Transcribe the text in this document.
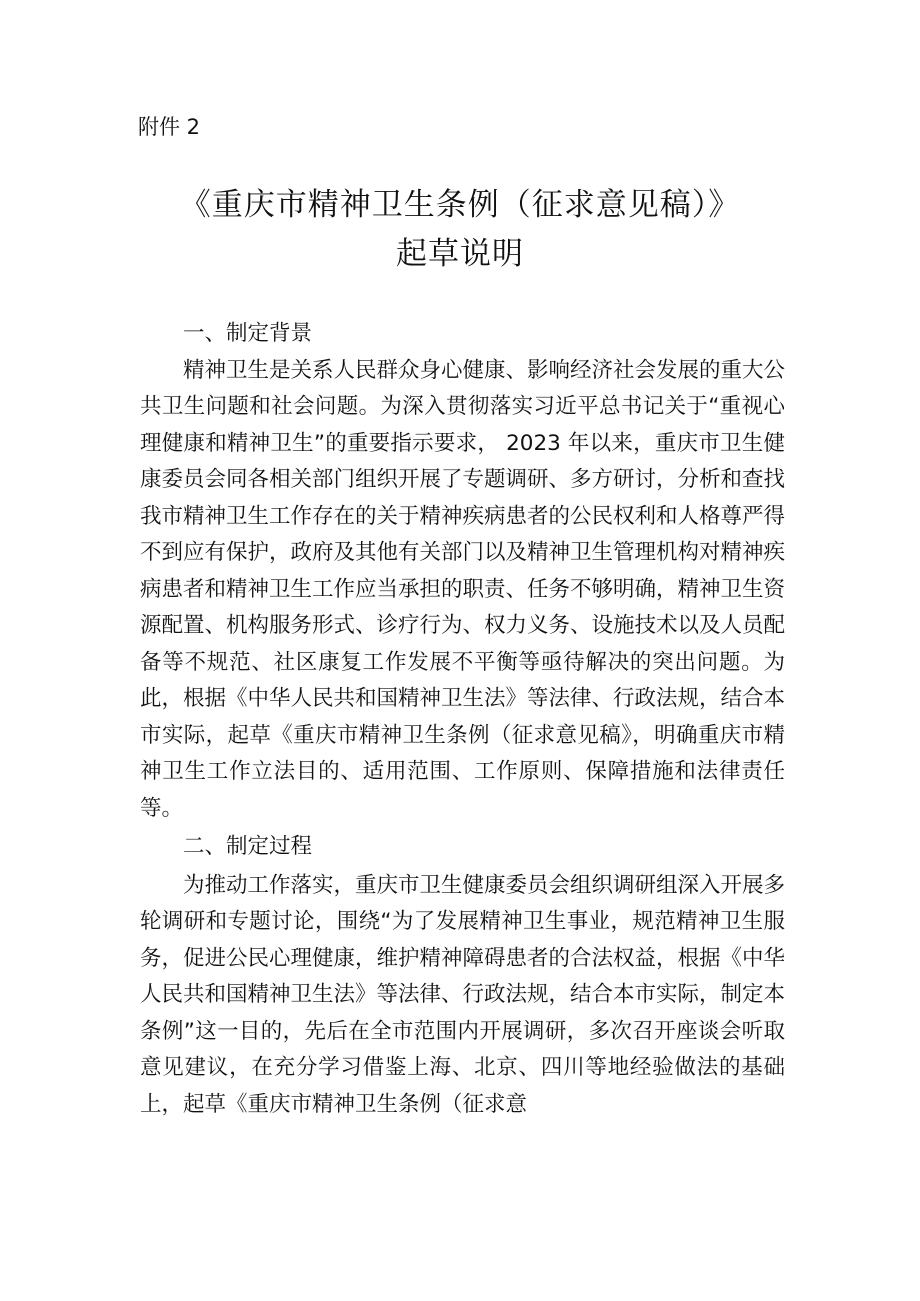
附件 2
《重庆市精神卫生条例（征求意见稿）》
起草说明

一、制定背景

精神卫生是关系人民群众身心健康、影响经济社会发展的重大公共卫生问题和社会问题。为深入贯彻落实习近平总书记关于“重视心理健康和精神卫生”的重要指示要求， 2023 年以来，重庆市卫生健康委员会同各相关部门组织开展了专题调研、多方研讨，分析和查找我市精神卫生工作存在的关于精神疾病患者的公民权利和人格尊严得不到应有保护，政府及其他有关部门以及精神卫生管理机构对精神疾病患者和精神卫生工作应当承担的职责、任务不够明确，精神卫生资源配置、机构服务形式、诊疗行为、权力义务、设施技术以及人员配备等不规范、社区康复工作发展不平衡等亟待解决的突出问题。为此，根据《中华人民共和国精神卫生法》等法律、行政法规，结合本市实际，起草《重庆市精神卫生条例（征求意见稿》，明确重庆市精神卫生工作立法目的、适用范围、工作原则、保障措施和法律责任等。

二、制定过程

为推动工作落实，重庆市卫生健康委员会组织调研组深入开展多轮调研和专题讨论，围绕“为了发展精神卫生事业，规范精神卫生服务，促进公民心理健康，维护精神障碍患者的合法权益，根据《中华人民共和国精神卫生法》等法律、行政法规，结合本市实际，制定本条例”这一目的，先后在全市范围内开展调研，多次召开座谈会听取意见建议，在充分学习借鉴上海、北京、四川等地经验做法的基础上，起草《重庆市精神卫生条例（征求意
